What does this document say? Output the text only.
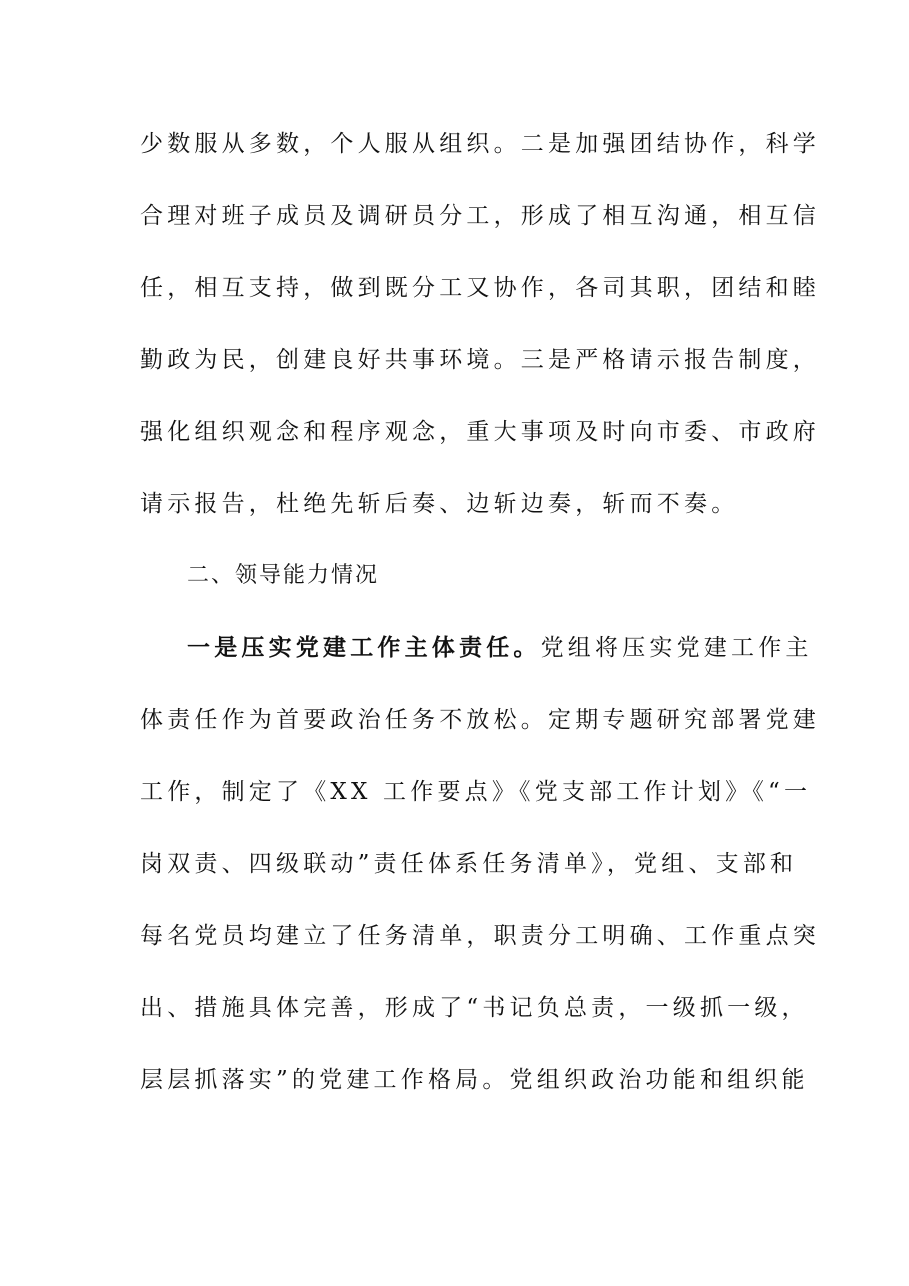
少数服从多数，个人服从组织。二是加强团结协作，科学
合理对班子成员及调研员分工，形成了相互沟通，相互信
任，相互支持，做到既分工又协作，各司其职，团结和睦
勤政为民，创建良好共事环境。三是严格请示报告制度，
强化组织观念和程序观念，重大事项及时向市委、市政府
请示报告，杜绝先斩后奏、边斩边奏，斩而不奏。
二、领导能力情况
一是压实党建工作主体责任。党组将压实党建工作主
体责任作为首要政治任务不放松。定期专题研究部署党建
工作，制定了《XX 工作要点》《党支部工作计划》《“一
岗双责、四级联动”责任体系任务清单》，党组、支部和
每名党员均建立了任务清单，职责分工明确、工作重点突
出、措施具体完善，形成了“书记负总责，一级抓一级，
层层抓落实”的党建工作格局。党组织政治功能和组织能
